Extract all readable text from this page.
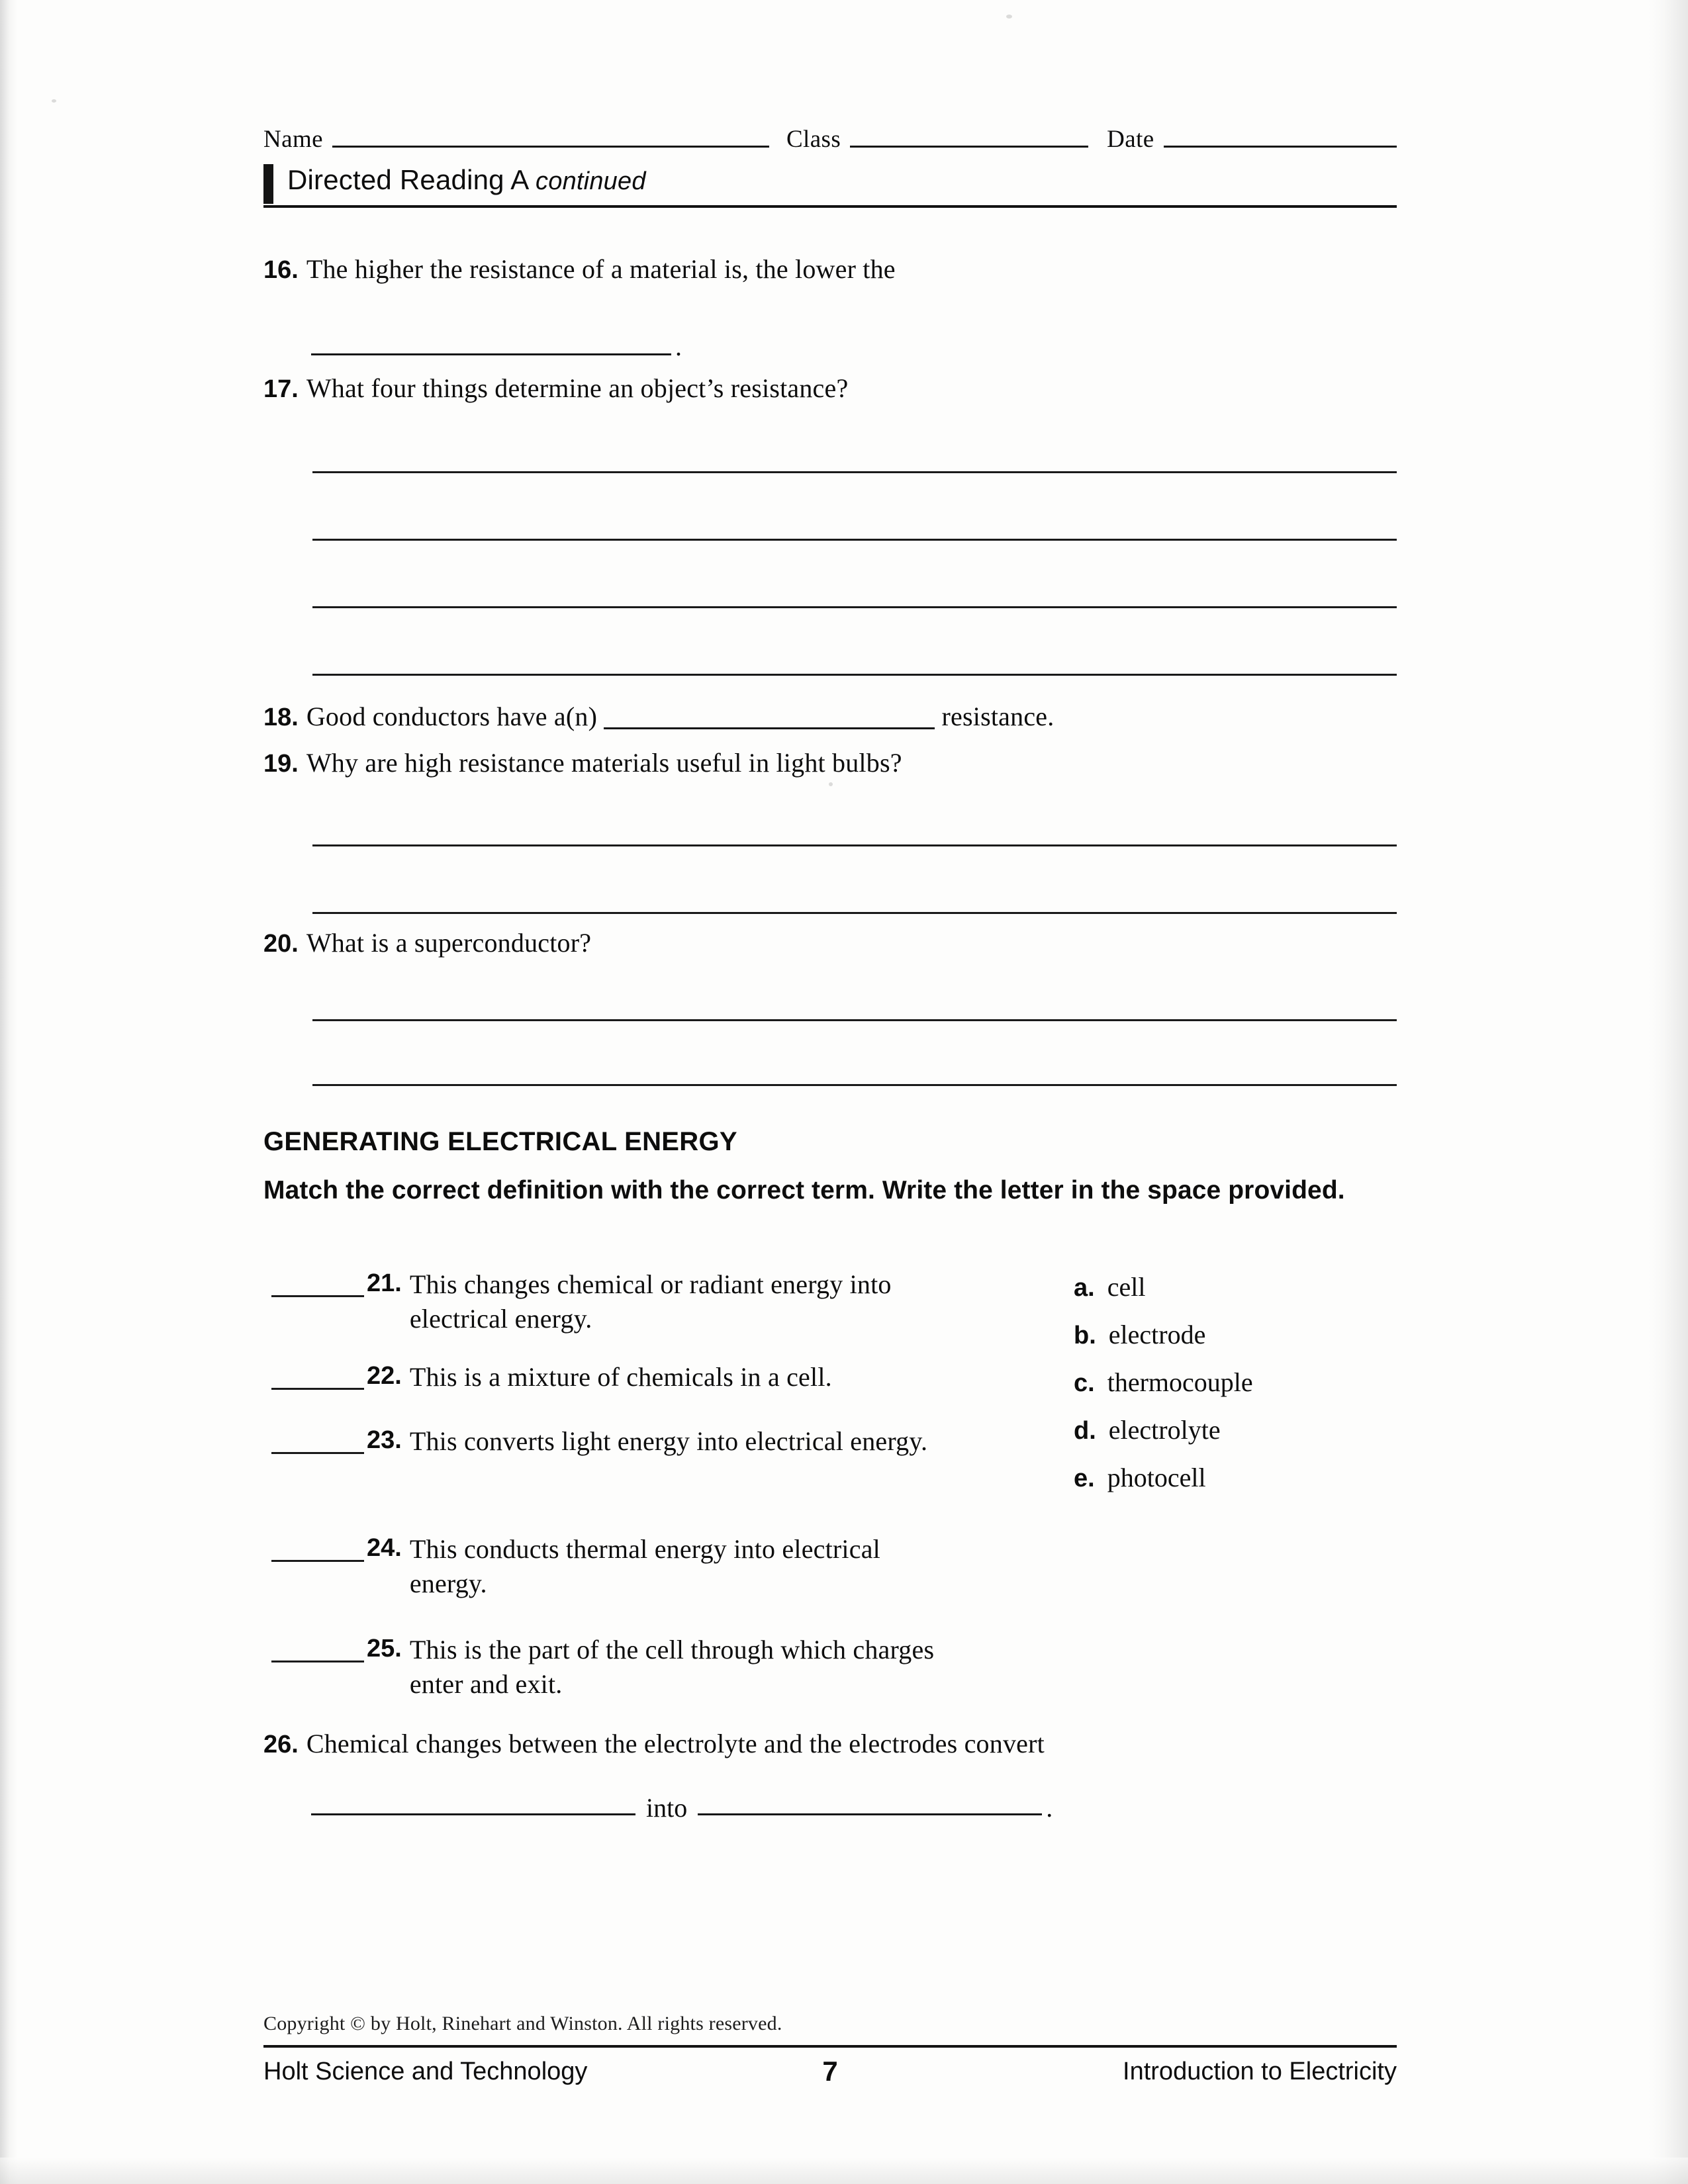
Name	Class	Date
Directed Reading A continued
16. The higher the resistance of a material is, the lower the
.
17. What four things determine an object’s resistance?
18. Good conductors have a(n)	resistance.
19. Why are high resistance materials useful in light bulbs?
20. What is a superconductor?
GENERATING ELECTRICAL ENERGY
Match the correct definition with the correct term. Write the letter in the space provided.
21. This changes chemical or radiant energy into electrical energy.
22. This is a mixture of chemicals in a cell.
23. This converts light energy into electrical energy.
24. This conducts thermal energy into electrical energy.
25. This is the part of the cell through which charges enter and exit.
a. cell
b. electrode
c. thermocouple
d. electrolyte
e. photocell
26. Chemical changes between the electrolyte and the electrodes convert
into	.
Copyright © by Holt, Rinehart and Winston. All rights reserved.
Holt Science and Technology	7	Introduction to Electricity
